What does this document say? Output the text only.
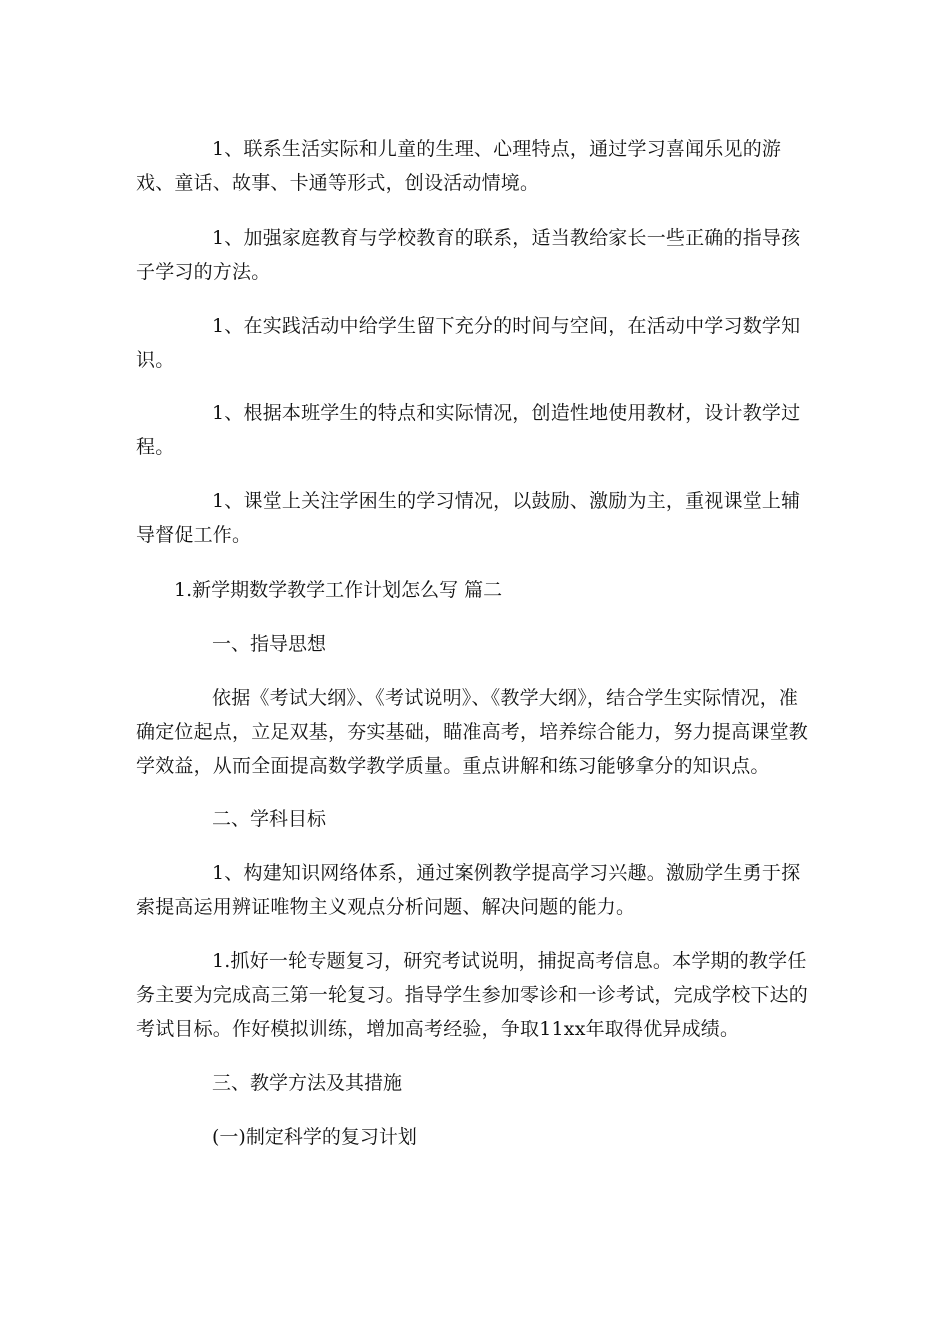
1、联系生活实际和儿童的生理、心理特点，通过学习喜闻乐见的游戏、童话、故事、卡通等形式，创设活动情境。

1、加强家庭教育与学校教育的联系，适当教给家长一些正确的指导孩子学习的方法。

1、在实践活动中给学生留下充分的时间与空间，在活动中学习数学知识。

1、根据本班学生的特点和实际情况，创造性地使用教材，设计教学过程。

1、课堂上关注学困生的学习情况，以鼓励、激励为主，重视课堂上辅导督促工作。

1.新学期数学教学工作计划怎么写 篇二

一、指导思想

依据《考试大纲》、《考试说明》、《教学大纲》，结合学生实际情况，准确定位起点，立足双基，夯实基础，瞄准高考，培养综合能力，努力提高课堂教学效益，从而全面提高数学教学质量。重点讲解和练习能够拿分的知识点。

二、学科目标

1、构建知识网络体系，通过案例教学提高学习兴趣。激励学生勇于探索提高运用辨证唯物主义观点分析问题、解决问题的能力。

1.抓好一轮专题复习，研究考试说明，捕捉高考信息。本学期的教学任务主要为完成高三第一轮复习。指导学生参加零诊和一诊考试，完成学校下达的考试目标。作好模拟训练，增加高考经验，争取11xx年取得优异成绩。

三、教学方法及其措施

(一)制定科学的复习计划
